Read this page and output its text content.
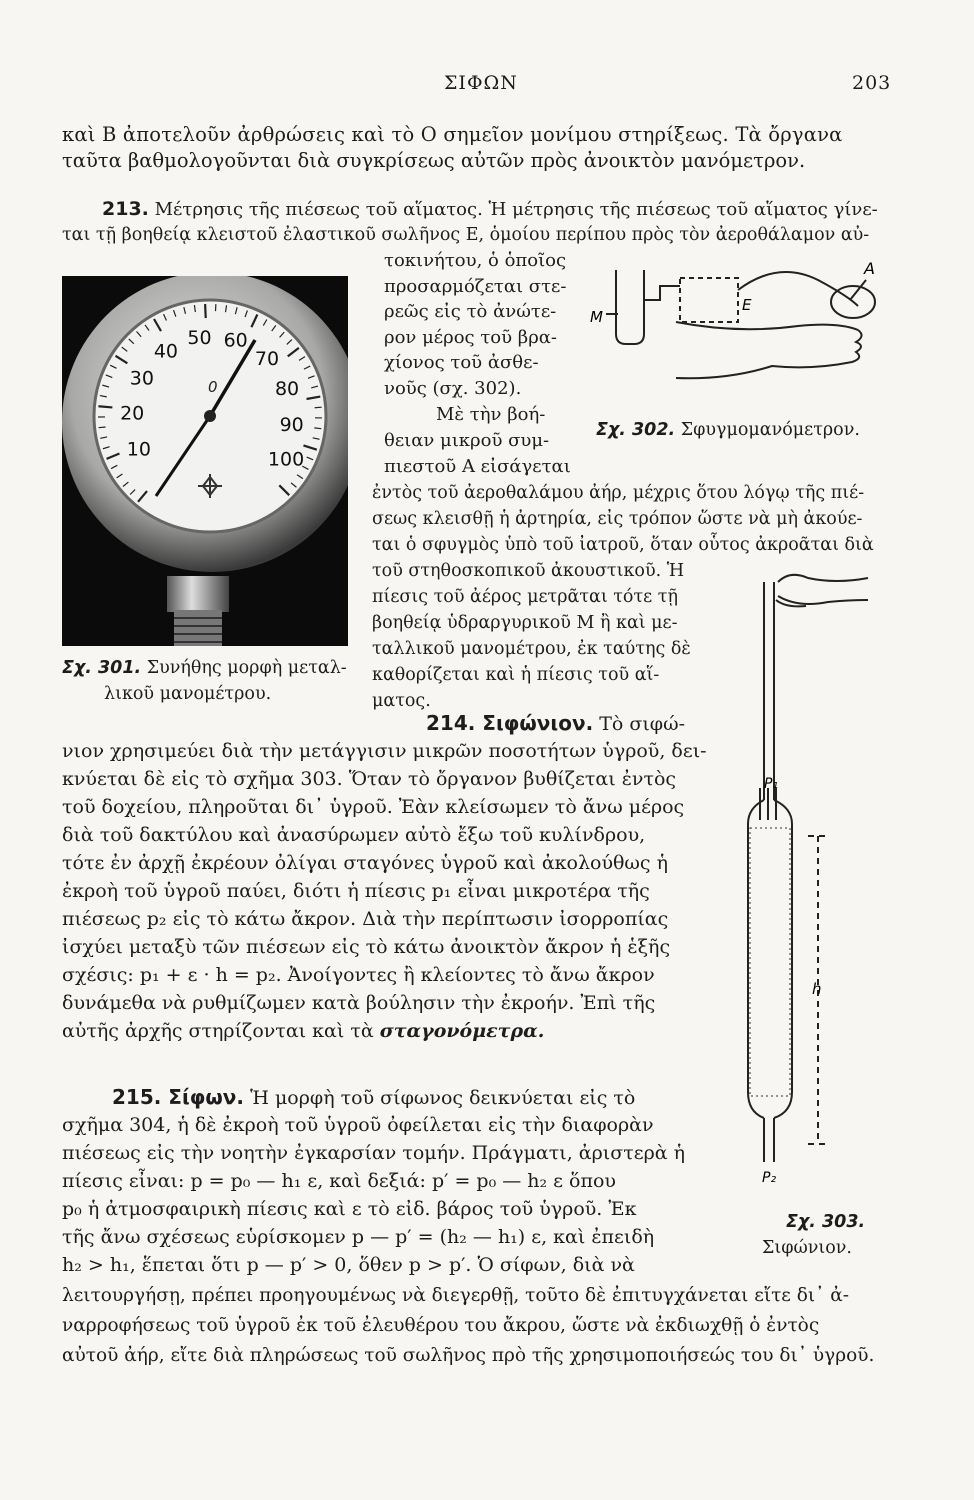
ΣΙΦΩΝ	203
καὶ Β ἀποτελοῦν ἀρθρώσεις καὶ τὸ Ο σημεῖον μονίμου στηρίξεως. Τὰ ὄργανα
ταῦτα βαθμολογοῦνται διὰ συγκρίσεως αὐτῶν πρὸς ἀνοικτὸν μανόμετρον.
213. Μέτρησις τῆς πιέσεως τοῦ αἵματος. Ἡ μέτρησις τῆς πιέσεως τοῦ αἵματος γίνε-
ται τῇ βοηθείᾳ κλειστοῦ ἐλαστικοῦ σωλῆνος Ε, ὁμοίου περίπου πρὸς τὸν ἀεροθάλαμον αὐ-
τοκινήτου, ὁ ὁποῖος
προσαρμόζεται στε-
ρεῶς εἰς τὸ ἀνώτε-
ρον μέρος τοῦ βρα-
χίονος τοῦ ἀσθε-
νοῦς (σχ. 302).
Μὲ τὴν βοή-
θειαν μικροῦ συμ-
πιεστοῦ Α εἰσάγεται
ἐντὸς τοῦ ἀεροθαλάμου ἀήρ, μέχρις ὅτου λόγῳ τῆς πιέ-
σεως κλεισθῇ ἡ ἀρτηρία, εἰς τρόπον ὥστε νὰ μὴ ἀκούε-
ται ὁ σφυγμὸς ὑπὸ τοῦ ἰατροῦ, ὅταν οὗτος ἀκροᾶται διὰ
τοῦ στηθοσκοπικοῦ ἀκουστικοῦ. Ἡ
πίεσις τοῦ ἀέρος μετρᾶται τότε τῇ
βοηθείᾳ ὑδραργυρικοῦ Μ ἢ καὶ με-
ταλλικοῦ μανομέτρου, ἐκ ταύτης δὲ
καθορίζεται καὶ ἡ πίεσις τοῦ αἵ-
ματος.
214. Σιφώνιον. Τὸ σιφώ-
νιον χρησιμεύει διὰ τὴν μετάγγισιν μικρῶν ποσοτήτων ὑγροῦ, δει-
κνύεται δὲ εἰς τὸ σχῆμα 303. Ὅταν τὸ ὄργανον βυθίζεται ἐντὸς
τοῦ δοχείου, πληροῦται δι᾿ ὑγροῦ. Ἐὰν κλείσωμεν τὸ ἄνω μέρος
διὰ τοῦ δακτύλου καὶ ἀνασύρωμεν αὐτὸ ἔξω τοῦ κυλίνδρου,
τότε ἐν ἀρχῇ ἐκρέουν ὀλίγαι σταγόνες ὑγροῦ καὶ ἀκολούθως ἡ
ἐκροὴ τοῦ ὑγροῦ παύει, διότι ἡ πίεσις p₁ εἶναι μικροτέρα τῆς
πιέσεως p₂ εἰς τὸ κάτω ἄκρον. Διὰ τὴν περίπτωσιν ἰσορροπίας
ἰσχύει μεταξὺ τῶν πιέσεων εἰς τὸ κάτω ἀνοικτὸν ἄκρον ἡ ἑξῆς
σχέσις: p₁ + ε · h = p₂. Ἀνοίγοντες ἢ κλείοντες τὸ ἄνω ἄκρον
δυνάμεθα νὰ ρυθμίζωμεν κατὰ βούλησιν τὴν ἐκροήν. Ἐπὶ τῆς
αὐτῆς ἀρχῆς στηρίζονται καὶ τὰ σταγονόμετρα.
215. Σίφων. Ἡ μορφὴ τοῦ σίφωνος δεικνύεται εἰς τὸ
σχῆμα 304, ἡ δὲ ἐκροὴ τοῦ ὑγροῦ ὀφείλεται εἰς τὴν διαφορὰν
πιέσεως εἰς τὴν νοητὴν ἐγκαρσίαν τομήν. Πράγματι, ἀριστερὰ ἡ
πίεσις εἶναι: p = p₀ — h₁ ε, καὶ δεξιά: p′ = p₀ — h₂ ε ὅπου
p₀ ἡ ἀτμοσφαιρικὴ πίεσις καὶ ε τὸ εἰδ. βάρος τοῦ ὑγροῦ. Ἐκ
τῆς ἄνω σχέσεως εὑρίσκομεν p — p′ = (h₂ — h₁) ε, καὶ ἐπειδὴ
h₂ > h₁, ἕπεται ὅτι p — p′ > 0, ὅθεν p > p′. Ὁ σίφων, διὰ νὰ
λειτουργήσῃ, πρέπει προηγουμένως νὰ διεγερθῇ, τοῦτο δὲ ἐπιτυγχάνεται εἴτε δι᾿ ἀ-
ναρροφήσεως τοῦ ὑγροῦ ἐκ τοῦ ἐλευθέρου του ἄκρου, ὥστε νὰ ἐκδιωχθῇ ὁ ἐντὸς
αὐτοῦ ἀήρ, εἴτε διὰ πληρώσεως τοῦ σωλῆνος πρὸ τῆς χρησιμοποιήσεώς του δι᾿ ὑγροῦ.
10
20
30
40
50 60
70
80
90
100
0
Σχ. 301. Συνήθης μορφὴ μεταλ-
λικοῦ μανομέτρου.
A
E
M
Σχ. 302. Σφυγμομανόμετρον.
P₁
h
P₂
Σχ. 303.
Σιφώνιον.
